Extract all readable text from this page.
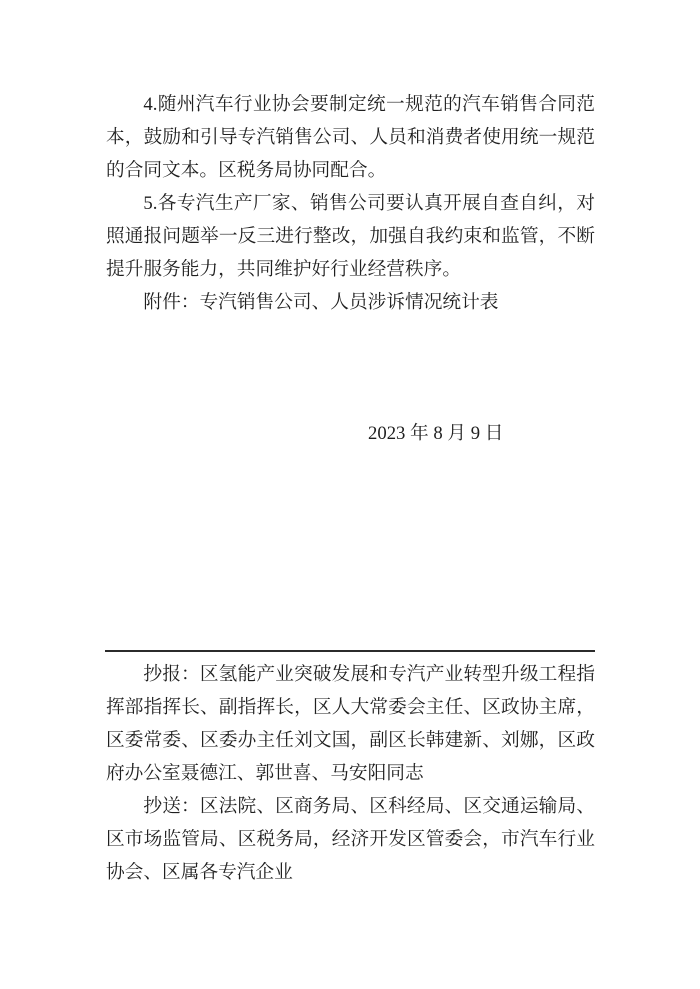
4.随州汽车行业协会要制定统一规范的汽车销售合同范本，鼓励和引导专汽销售公司、人员和消费者使用统一规范的合同文本。区税务局协同配合。

5.各专汽生产厂家、销售公司要认真开展自查自纠，对照通报问题举一反三进行整改，加强自我约束和监管，不断提升服务能力，共同维护好行业经营秩序。

附件：专汽销售公司、人员涉诉情况统计表

2023 年 8 月 9 日

抄报：区氢能产业突破发展和专汽产业转型升级工程指挥部指挥长、副指挥长，区人大常委会主任、区政协主席，区委常委、区委办主任刘文国，副区长韩建新、刘娜，区政府办公室聂德江、郭世喜、马安阳同志

抄送：区法院、区商务局、区科经局、区交通运输局、区市场监管局、区税务局，经济开发区管委会，市汽车行业协会、区属各专汽企业
